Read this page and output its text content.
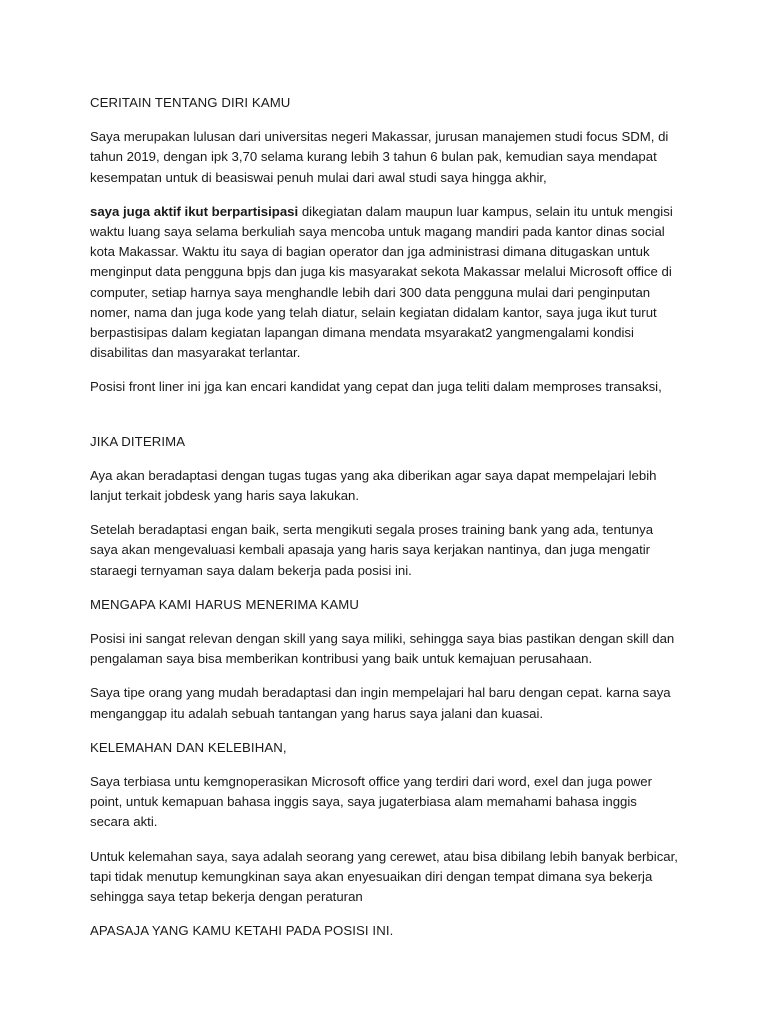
CERITAIN TENTANG DIRI KAMU

Saya merupakan lulusan dari universitas negeri Makassar, jurusan manajemen studi focus SDM, di tahun 2019, dengan ipk 3,70 selama kurang lebih 3 tahun 6 bulan pak, kemudian saya mendapat kesempatan untuk di beasiswai penuh mulai dari awal studi saya hingga akhir,

saya juga aktif ikut berpartisipasi dikegiatan dalam maupun luar kampus, selain itu untuk mengisi waktu luang saya selama berkuliah saya mencoba untuk magang mandiri pada kantor dinas social kota Makassar. Waktu itu saya di bagian operator dan jga administrasi dimana ditugaskan untuk menginput data pengguna bpjs dan juga kis masyarakat sekota Makassar melalui Microsoft office di computer, setiap harnya saya menghandle lebih dari 300 data pengguna mulai dari penginputan nomer, nama dan juga kode yang telah diatur, selain kegiatan didalam kantor, saya juga ikut turut berpastisipas dalam kegiatan lapangan dimana mendata msyarakat2 yangmengalami kondisi disabilitas dan masyarakat terlantar.

Posisi front liner ini jga kan encari kandidat yang cepat dan juga teliti dalam memproses transaksi,

JIKA DITERIMA

Aya akan beradaptasi dengan tugas tugas yang aka diberikan agar saya dapat mempelajari lebih lanjut terkait jobdesk yang haris saya lakukan.

Setelah beradaptasi engan baik, serta mengikuti segala proses training bank yang ada, tentunya saya akan mengevaluasi kembali apasaja yang haris saya kerjakan nantinya, dan juga mengatir staraegi ternyaman saya dalam bekerja pada posisi ini.

MENGAPA KAMI HARUS MENERIMA KAMU

Posisi ini sangat relevan dengan skill yang saya miliki, sehingga saya bias pastikan dengan skill dan pengalaman saya bisa memberikan kontribusi yang baik untuk kemajuan perusahaan.

Saya tipe orang yang mudah beradaptasi dan ingin mempelajari hal baru dengan cepat. karna saya menganggap itu adalah sebuah tantangan yang harus saya jalani dan kuasai.

KELEMAHAN DAN KELEBIHAN,

Saya terbiasa untu kemgnoperasikan Microsoft office yang terdiri dari word, exel dan juga power point, untuk kemapuan bahasa inggis saya, saya jugaterbiasa alam memahami bahasa inggis secara akti.

Untuk kelemahan saya, saya adalah seorang yang cerewet, atau bisa dibilang lebih banyak berbicar, tapi tidak menutup kemungkinan saya akan enyesuaikan diri dengan tempat dimana sya bekerja sehingga saya tetap bekerja dengan peraturan

APASAJA YANG KAMU KETAHI PADA POSISI INI.
